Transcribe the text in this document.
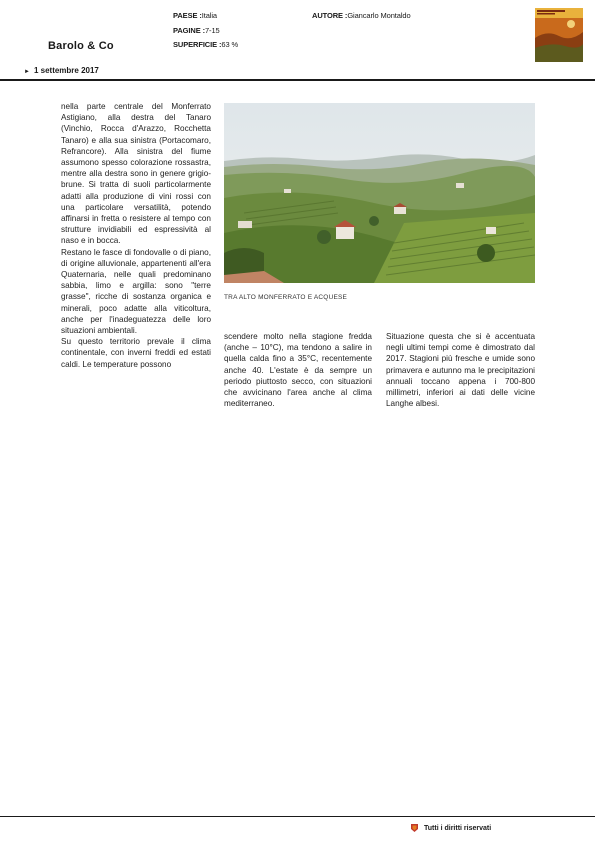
PAESE :Italia
PAGINE :7-15
SUPERFICIE :63 %
AUTORE :Giancarlo Montaldo
Barolo & Co
► 1 settembre 2017

nella parte centrale del Monferrato Astigiano, alla destra del Tanaro (Vinchio, Rocca d'Arazzo, Rocchetta Tanaro) e alla sua sinistra (Portacomaro, Refrancore). Alla sinistra del fiume assumono spesso colorazione rossastra, mentre alla destra sono in genere grigio-brune. Si tratta di suoli particolarmente adatti alla produzione di vini rossi con una particolare versatilità, potendo affinarsi in fretta o resistere al tempo con strutture invidiabili ed espressività al naso e in bocca.

Restano le fasce di fondovalle o di piano, di origine alluvionale, appartenenti all'era Quaternaria, nelle quali predominano sabbia, limo e argilla: sono "terre grasse", ricche di sostanza organica e minerali, poco adatte alla viticoltura, anche per l'inadeguatezza delle loro situazioni ambientali.

Su questo territorio prevale il clima continentale, con inverni freddi ed estati caldi. Le temperature possono

TRA ALTO MONFERRATO E ACQUESE

scendere molto nella stagione fredda (anche – 10°C), ma tendono a salire in quella calda fino a 35°C, recentemente anche 40. L'estate è da sempre un periodo piuttosto secco, con situazioni che avvicinano l'area anche al clima mediterraneo.

Situazione questa che si è accentuata negli ultimi tempi come è dimostrato dal 2017. Stagioni più fresche e umide sono primavera e autunno ma le precipitazioni annuali toccano appena i 700-800 millimetri, inferiori ai dati delle vicine Langhe albesi.

Tutti i diritti riservati
